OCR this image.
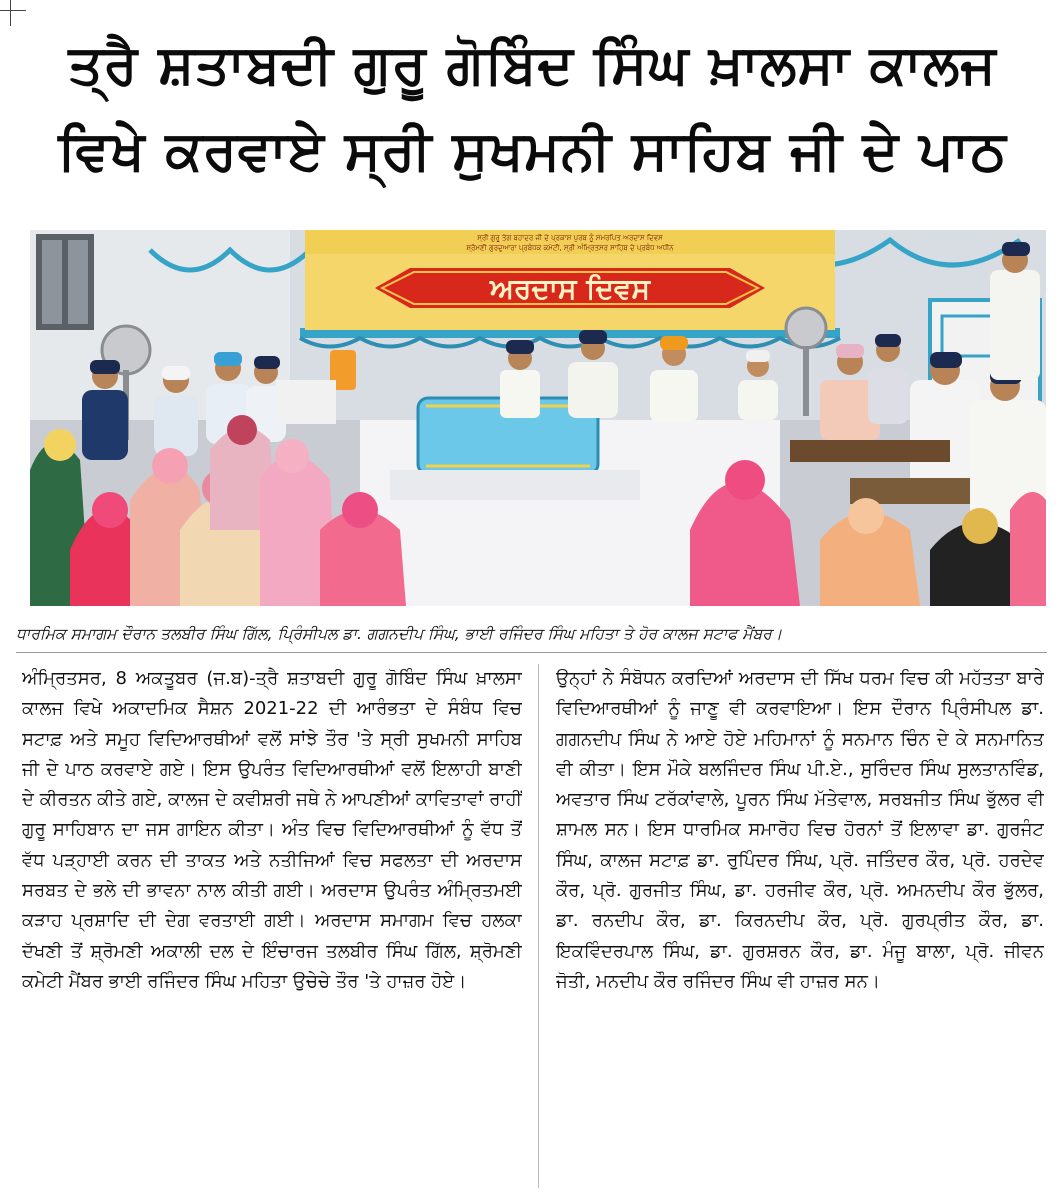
ਤ੍ਰੈ ਸ਼ਤਾਬਦੀ ਗੁਰੂ ਗੋਬਿੰਦ ਸਿੰਘ ਖ਼ਾਲਸਾ ਕਾਲਜ
ਵਿਖੇ ਕਰਵਾਏ ਸ੍ਰੀ ਸੁਖਮਨੀ ਸਾਹਿਬ ਜੀ ਦੇ ਪਾਠ
ਸ੍ਰੀ ਗੁਰੂ ਤੇਗ ਬਹਾਦਰ ਜੀ ਦੇ ਪ੍ਰਕਾਸ਼ ਪੁਰਬ ਨੂੰ ਸਮਰਪਿਤ ਅਰਦਾਸ ਦਿਵਸ
ਸ਼੍ਰੋਮਣੀ ਗੁਰਦੁਆਰਾ ਪ੍ਰਬੰਧਕ ਕਮੇਟੀ, ਸ੍ਰੀ ਅੰਮ੍ਰਿਤਸਰ ਸਾਹਿਬ ਦੇ ਪ੍ਰਬੰਧ ਅਧੀਨ
ਅਰਦਾਸ ਦਿਵਸ
ਧਾਰਮਿਕ ਸਮਾਗਮ ਦੌਰਾਨ ਤਲਬੀਰ ਸਿੰਘ ਗਿੱਲ, ਪ੍ਰਿੰਸੀਪਲ ਡਾ. ਗਗਨਦੀਪ ਸਿੰਘ, ਭਾਈ ਰਜਿੰਦਰ ਸਿੰਘ ਮਹਿਤਾ ਤੇ ਹੋਰ ਕਾਲਜ ਸਟਾਫ ਮੈਂਬਰ।
ਅੰਮ੍ਰਿਤਸਰ, 8 ਅਕਤੂਬਰ (ਜ.ਬ)-ਤ੍ਰੈ ਸ਼ਤਾਬਦੀ ਗੁਰੂ ਗੋਬਿੰਦ ਸਿੰਘ ਖ਼ਾਲਸਾ ਕਾਲਜ ਵਿਖੇ ਅਕਾਦਮਿਕ ਸੈਸ਼ਨ 2021-22 ਦੀ ਆਰੰਭਤਾ ਦੇ ਸੰਬੰਧ ਵਿਚ ਸਟਾਫ਼ ਅਤੇ ਸਮੂਹ ਵਿਦਿਆਰਥੀਆਂ ਵਲੋਂ ਸਾਂਝੇ ਤੌਰ 'ਤੇ ਸ੍ਰੀ ਸੁਖਮਨੀ ਸਾਹਿਬ ਜੀ ਦੇ ਪਾਠ ਕਰਵਾਏ ਗਏ। ਇਸ ਉਪਰੰਤ ਵਿਦਿਆਰਥੀਆਂ ਵਲੋਂ ਇਲਾਹੀ ਬਾਣੀ ਦੇ ਕੀਰਤਨ ਕੀਤੇ ਗਏ, ਕਾਲਜ ਦੇ ਕਵੀਸ਼ਰੀ ਜਥੇ ਨੇ ਆਪਣੀਆਂ ਕਾਵਿਤਾਵਾਂ ਰਾਹੀਂ ਗੁਰੂ ਸਾਹਿਬਾਨ ਦਾ ਜਸ ਗਾਇਨ ਕੀਤਾ। ਅੰਤ ਵਿਚ ਵਿਦਿਆਰਥੀਆਂ ਨੂੰ ਵੱਧ ਤੋਂ ਵੱਧ ਪੜ੍ਹਾਈ ਕਰਨ ਦੀ ਤਾਕਤ ਅਤੇ ਨਤੀਜਿਆਂ ਵਿਚ ਸਫਲਤਾ ਦੀ ਅਰਦਾਸ ਸਰਬਤ ਦੇ ਭਲੇ ਦੀ ਭਾਵਨਾ ਨਾਲ ਕੀਤੀ ਗਈ। ਅਰਦਾਸ ਉਪਰੰਤ ਅੰਮ੍ਰਿਤਮਈ ਕੜਾਹ ਪ੍ਰਸ਼ਾਦਿ ਦੀ ਦੇਗ ਵਰਤਾਈ ਗਈ। ਅਰਦਾਸ ਸਮਾਗਮ ਵਿਚ ਹਲਕਾ ਦੱਖਣੀ ਤੋਂ ਸ਼੍ਰੋਮਣੀ ਅਕਾਲੀ ਦਲ ਦੇ ਇੰਚਾਰਜ ਤਲਬੀਰ ਸਿੰਘ ਗਿੱਲ, ਸ਼੍ਰੋਮਣੀ ਕਮੇਟੀ ਮੈਂਬਰ ਭਾਈ ਰਜਿੰਦਰ ਸਿੰਘ ਮਹਿਤਾ ਉਚੇਚੇ ਤੌਰ 'ਤੇ ਹਾਜ਼ਰ ਹੋਏ।
ਉਨ੍ਹਾਂ ਨੇ ਸੰਬੋਧਨ ਕਰਦਿਆਂ ਅਰਦਾਸ ਦੀ ਸਿੱਖ ਧਰਮ ਵਿਚ ਕੀ ਮਹੱਤਤਾ ਬਾਰੇ ਵਿਦਿਆਰਥੀਆਂ ਨੂੰ ਜਾਣੂ ਵੀ ਕਰਵਾਇਆ। ਇਸ ਦੌਰਾਨ ਪ੍ਰਿੰਸੀਪਲ ਡਾ. ਗਗਨਦੀਪ ਸਿੰਘ ਨੇ ਆਏ ਹੋਏ ਮਹਿਮਾਨਾਂ ਨੂੰ ਸਨਮਾਨ ਚਿੰਨ ਦੇ ਕੇ ਸਨਮਾਨਿਤ ਵੀ ਕੀਤਾ। ਇਸ ਮੌਕੇ ਬਲਜਿੰਦਰ ਸਿੰਘ ਪੀ.ਏ., ਸੁਰਿੰਦਰ ਸਿੰਘ ਸੁਲਤਾਨਵਿੰਡ, ਅਵਤਾਰ ਸਿੰਘ ਟਰੱਕਾਂਵਾਲੇ, ਪੂਰਨ ਸਿੰਘ ਮੱਤੇਵਾਲ, ਸਰਬਜੀਤ ਸਿੰਘ ਭੁੱਲਰ ਵੀ ਸ਼ਾਮਲ ਸਨ। ਇਸ ਧਾਰਮਿਕ ਸਮਾਰੋਹ ਵਿਚ ਹੋਰਨਾਂ ਤੋਂ ਇਲਾਵਾ ਡਾ. ਗੁਰਜੰਟ ਸਿੰਘ, ਕਾਲਜ ਸਟਾਫ਼ ਡਾ. ਰੁਪਿੰਦਰ ਸਿੰਘ, ਪ੍ਰੋ. ਜਤਿੰਦਰ ਕੌਰ, ਪ੍ਰੋ. ਹਰਦੇਵ ਕੌਰ, ਪ੍ਰੋ. ਗੁਰਜੀਤ ਸਿੰਘ, ਡਾ. ਹਰਜੀਵ ਕੌਰ, ਪ੍ਰੋ. ਅਮਨਦੀਪ ਕੌਰ ਭੁੱਲਰ, ਡਾ. ਰਨਦੀਪ ਕੌਰ, ਡਾ. ਕਿਰਨਦੀਪ ਕੌਰ, ਪ੍ਰੋ. ਗੁਰਪ੍ਰੀਤ ਕੌਰ, ਡਾ. ਇਕਵਿੰਦਰਪਾਲ ਸਿੰਘ, ਡਾ. ਗੁਰਸ਼ਰਨ ਕੌਰ, ਡਾ. ਮੰਜੂ ਬਾਲਾ, ਪ੍ਰੋ. ਜੀਵਨ ਜੋਤੀ, ਮਨਦੀਪ ਕੌਰ ਰਜਿੰਦਰ ਸਿੰਘ ਵੀ ਹਾਜ਼ਰ ਸਨ।
